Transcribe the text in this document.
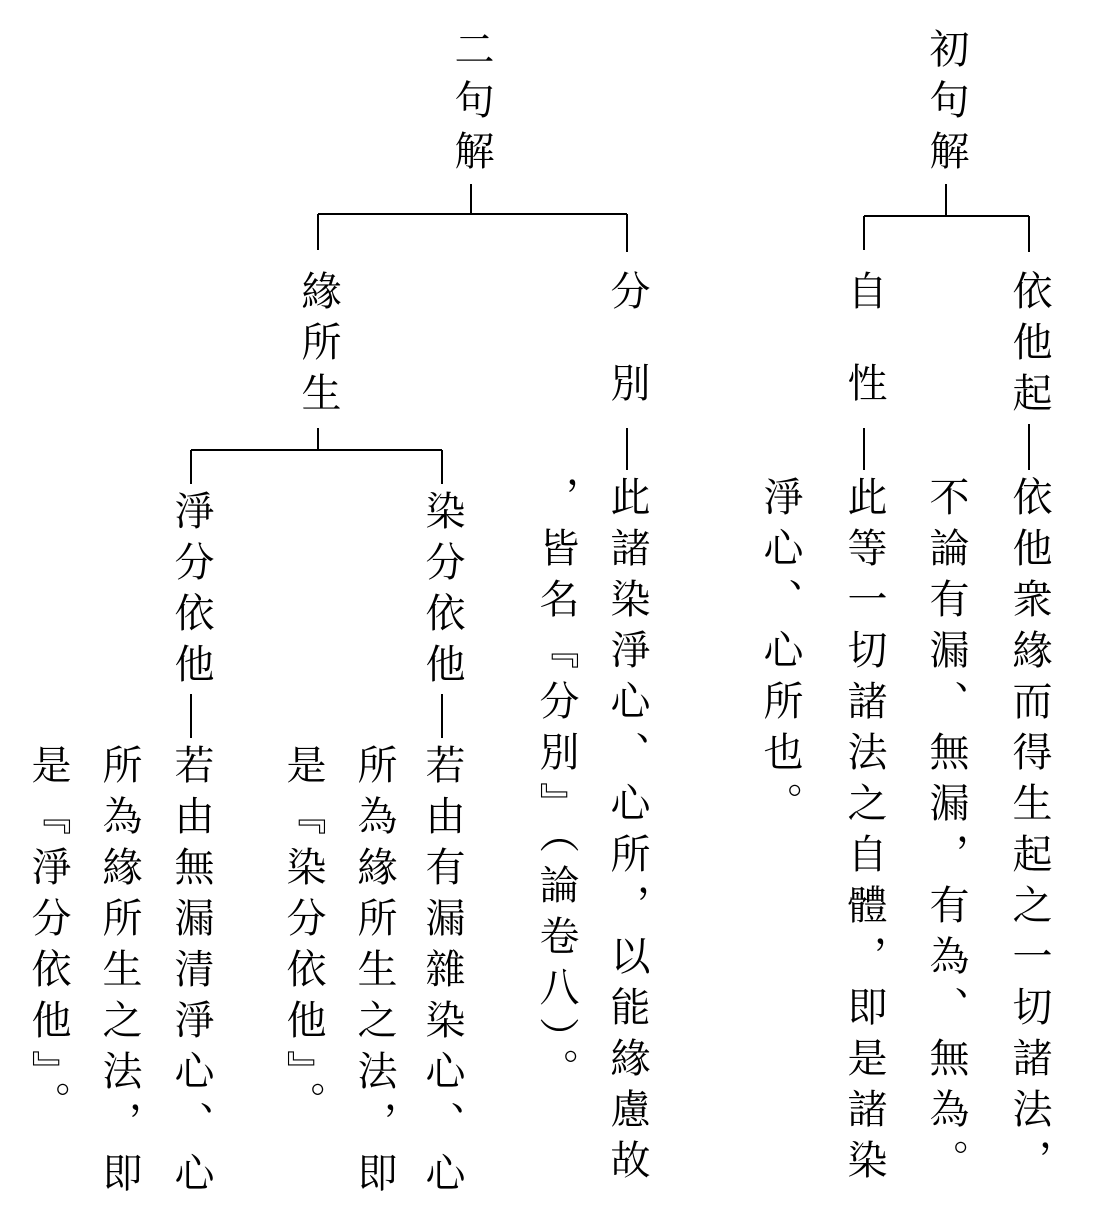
初句解
二句解
依他起
依他衆緣而得生起之一切諸法，
不論有漏、無漏，有為、無為。
自性
此等一切諸法之自體，即是諸染
淨心、心所也。
分別
此諸染淨心、心所，以能緣慮故
，皆名『分別』（論卷八）。
緣所生
染分依他
若由有漏雜染心、心
所為緣所生之法，即
是『染分依他』。
淨分依他
若由無漏清淨心、心
所為緣所生之法，即
是『淨分依他』。
